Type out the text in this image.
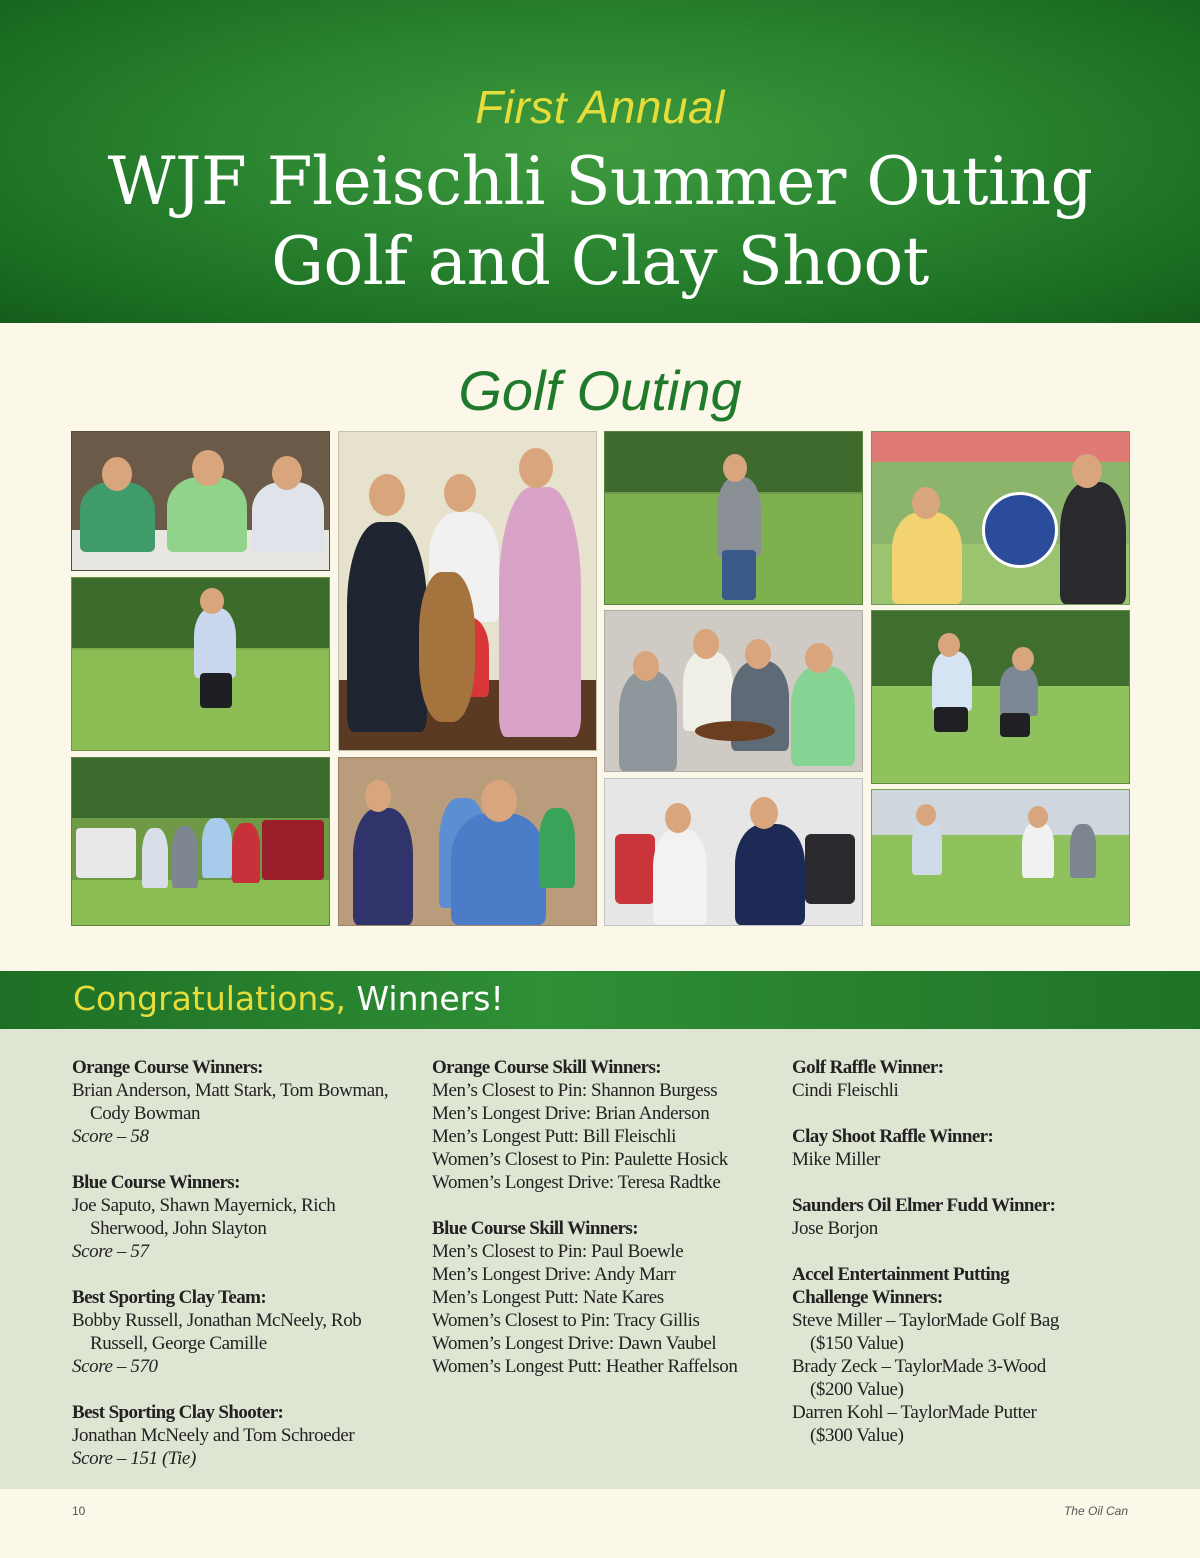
First Annual
WJF Fleischli Summer Outing
Golf and Clay Shoot
Golf Outing
Congratulations, Winners!
Orange Course Winners:
Brian Anderson, Matt Stark, Tom Bowman,
Cody Bowman
Score – 58
Blue Course Winners:
Joe Saputo, Shawn Mayernick, Rich
Sherwood, John Slayton
Score – 57
Best Sporting Clay Team:
Bobby Russell, Jonathan McNeely, Rob
Russell, George Camille
Score – 570
Best Sporting Clay Shooter:
Jonathan McNeely and Tom Schroeder
Score – 151 (Tie)
Orange Course Skill Winners:
Men’s Closest to Pin: Shannon Burgess
Men’s Longest Drive: Brian Anderson
Men’s Longest Putt: Bill Fleischli
Women’s Closest to Pin: Paulette Hosick
Women’s Longest Drive: Teresa Radtke
Blue Course Skill Winners:
Men’s Closest to Pin: Paul Boewle
Men’s Longest Drive: Andy Marr
Men’s Longest Putt: Nate Kares
Women’s Closest to Pin: Tracy Gillis
Women’s Longest Drive: Dawn Vaubel
Women’s Longest Putt: Heather Raffelson
Golf Raffle Winner:
Cindi Fleischli
Clay Shoot Raffle Winner:
Mike Miller
Saunders Oil Elmer Fudd Winner:
Jose Borjon
Accel Entertainment Putting Challenge Winners:
Steve Miller – TaylorMade Golf Bag
($150 Value)
Brady Zeck – TaylorMade 3-Wood
($200 Value)
Darren Kohl – TaylorMade Putter
($300 Value)
10	The Oil Can
